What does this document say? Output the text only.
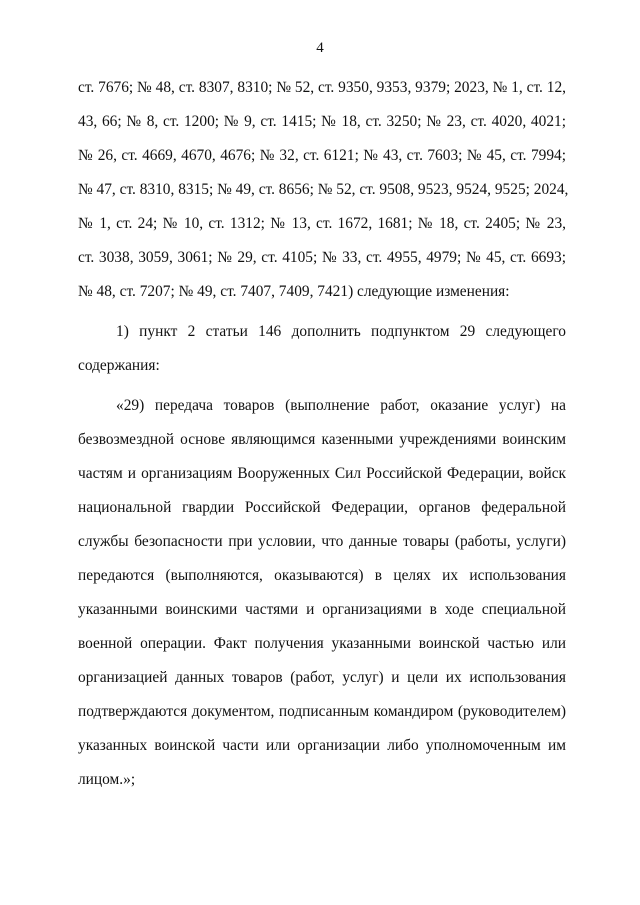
4
ст. 7676; № 48, ст. 8307, 8310; № 52, ст. 9350, 9353, 9379; 2023, № 1, ст. 12,
43, 66; № 8, ст. 1200; № 9, ст. 1415; № 18, ст. 3250; № 23, ст. 4020, 4021;
№ 26, ст. 4669, 4670, 4676; № 32, ст. 6121; № 43, ст. 7603; № 45, ст. 7994;
№ 47, ст. 8310, 8315; № 49, ст. 8656; № 52, ст. 9508, 9523, 9524, 9525; 2024,
№ 1, ст. 24; № 10, ст. 1312; № 13, ст. 1672, 1681; № 18, ст. 2405; № 23,
ст. 3038, 3059, 3061; № 29, ст. 4105; № 33, ст. 4955, 4979; № 45, ст. 6693;
№ 48, ст. 7207; № 49, ст. 7407, 7409, 7421) следующие изменения:
1) пункт 2 статьи 146 дополнить подпунктом 29 следующего
содержания:
«29) передача товаров (выполнение работ, оказание услуг) на
безвозмездной основе являющимся казенными учреждениями воинским
частям и организациям Вооруженных Сил Российской Федерации, войск
национальной гвардии Российской Федерации, органов федеральной
службы безопасности при условии, что данные товары (работы, услуги)
передаются (выполняются, оказываются) в целях их использования
указанными воинскими частями и организациями в ходе специальной
военной операции. Факт получения указанными воинской частью или
организацией данных товаров (работ, услуг) и цели их использования
подтверждаются документом, подписанным командиром (руководителем)
указанных воинской части или организации либо уполномоченным им
лицом.»;
